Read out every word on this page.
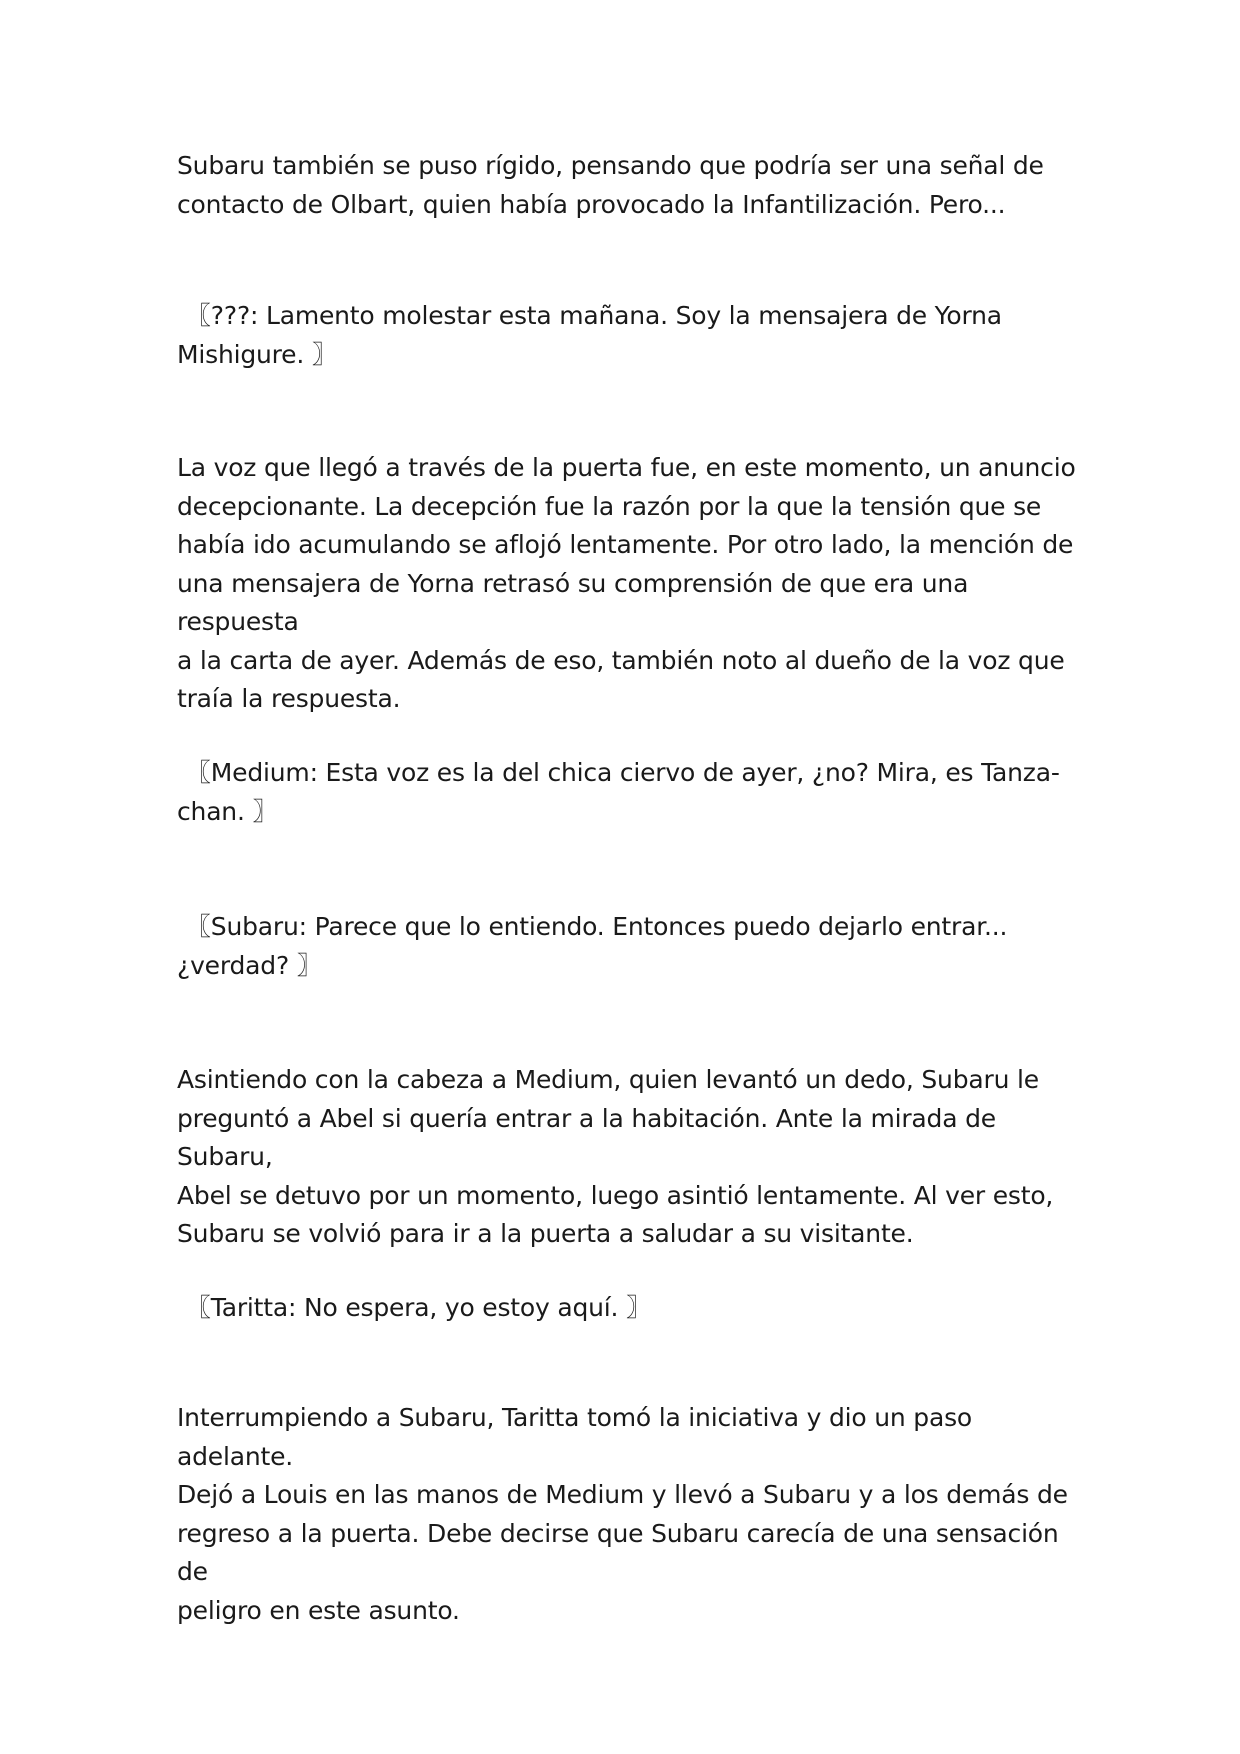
Subaru también se puso rígido, pensando que podría ser una señal de
contacto de Olbart, quien había provocado la Infantilización. Pero...

〖???: Lamento molestar esta mañana. Soy la mensajera de Yorna
Mishigure. 〗

La voz que llegó a través de la puerta fue, en este momento, un anuncio
decepcionante. La decepción fue la razón por la que la tensión que se
había ido acumulando se aflojó lentamente. Por otro lado, la mención de
una mensajera de Yorna retrasó su comprensión de que era una respuesta
a la carta de ayer. Además de eso, también noto al dueño de la voz que
traía la respuesta.

〖Medium: Esta voz es la del chica ciervo de ayer, ¿no? Mira, es Tanza-
chan. 〗

〖Subaru: Parece que lo entiendo. Entonces puedo dejarlo entrar...
¿verdad? 〗

Asintiendo con la cabeza a Medium, quien levantó un dedo, Subaru le
preguntó a Abel si quería entrar a la habitación. Ante la mirada de Subaru,
Abel se detuvo por un momento, luego asintió lentamente. Al ver esto,
Subaru se volvió para ir a la puerta a saludar a su visitante.

〖Taritta: No espera, yo estoy aquí. 〗

Interrumpiendo a Subaru, Taritta tomó la iniciativa y dio un paso adelante.
Dejó a Louis en las manos de Medium y llevó a Subaru y a los demás de
regreso a la puerta. Debe decirse que Subaru carecía de una sensación de
peligro en este asunto.
